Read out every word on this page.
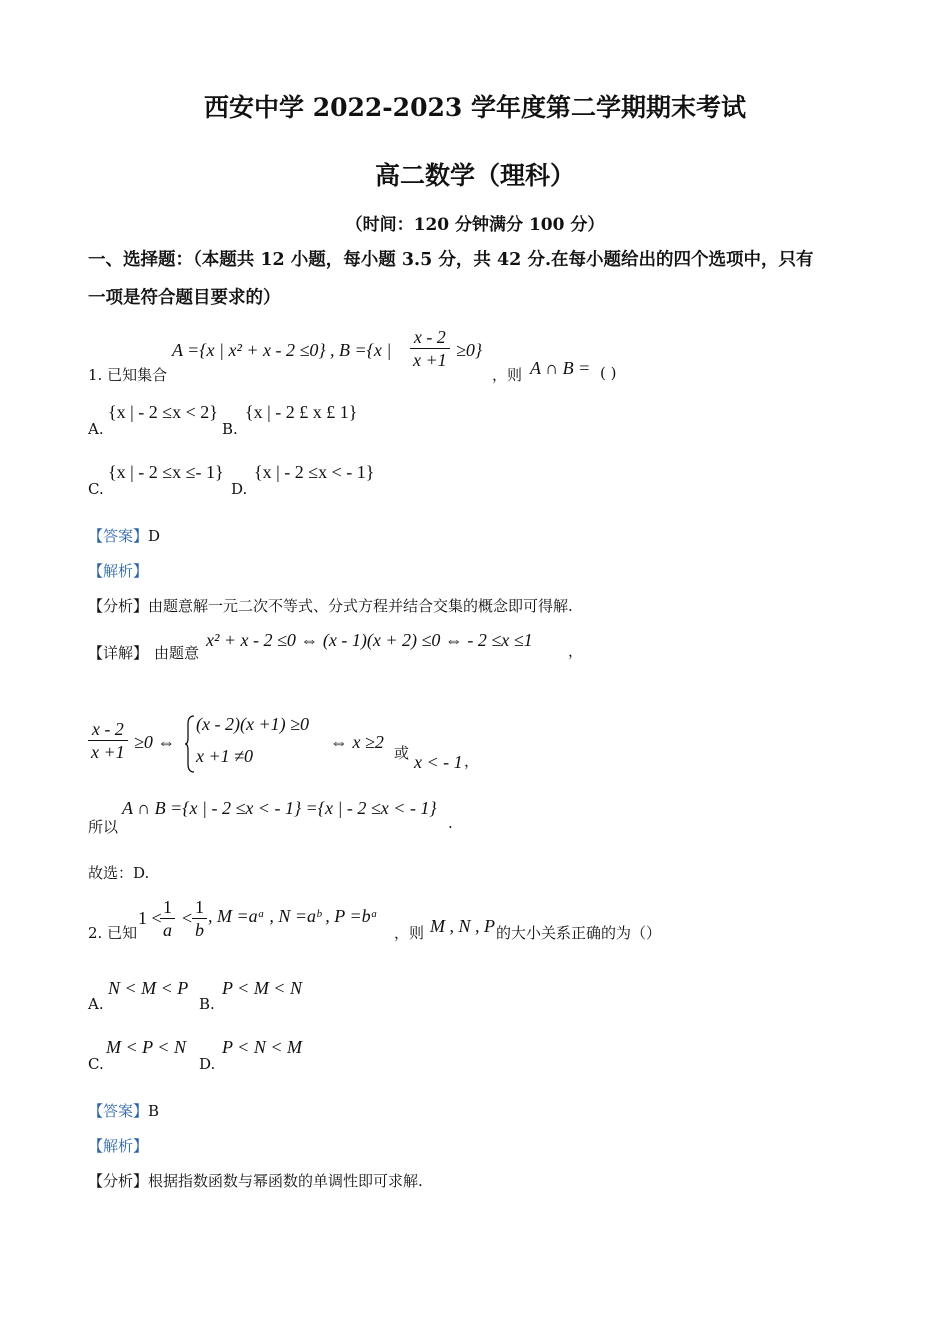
西安中学 2022-2023 学年度第二学期期末考试
高二数学（理科）
（时间：120 分钟满分 100 分）
一、选择题：（本题共 12 小题，每小题 3.5 分，共 42 分.在每小题给出的四个选项中，只有
一项是符合题目要求的）
1. 已知集合
A ={x | x² + x - 2 ≤0} , B ={x | $\frac{x - 2}{x +1} \ge 0$}
，则 A ∩ B = ( )
A.
{x | - 2 ≤x < 2}
B.
{x | - 2 £ x £ 1}
C.
{x | - 2 ≤x ≤- 1}
D.
{x | - 2 ≤x < - 1}
【答案】D
【解析】
【分析】由题意解一元二次不等式、分式方程并结合交集的概念即可得解.
【详解】 由题意
x² + x - 2 ≤0 ⇔ (x - 1)(x + 2) ≤0 ⇔ - 2 ≤x ≤1
，
$\frac{x - 2}{x +1} \ge 0$ ⇔
(x - 2)(x +1) ≥0
x +1 ≠0
⇔ x ≥2
或 x < - 1 ，
所以
A ∩ B ={x | - 2 ≤x < - 1} ={x | - 2 ≤x < - 1}
.
故选：D.
2. 已知
1 <
$\frac{1}{a} < \frac{1}{b}$ , M =aᵃ , N =aᵇ , P =bᵃ
，则 M , N , P 的大小关系正确的为（）
A.
N < M < P
B.
P < M < N
C.
M < P < N
D.
P < N < M
【答案】B
【解析】
【分析】根据指数函数与幂函数的单调性即可求解.
